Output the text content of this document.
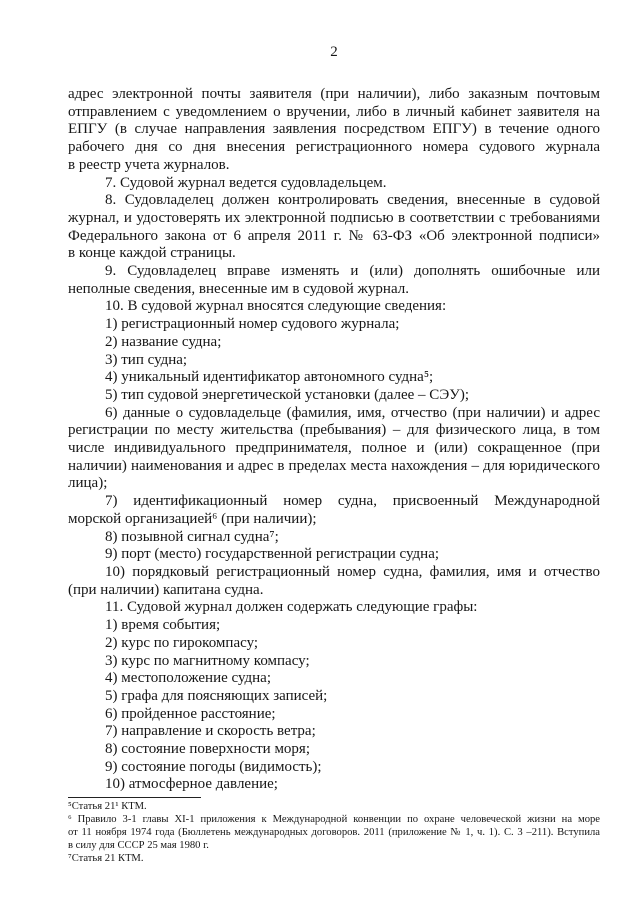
2
адрес электронной почты заявителя (при наличии), либо заказным почтовым
отправлением с уведомлением о вручении, либо в личный кабинет заявителя на
ЕПГУ (в случае направления заявления посредством ЕПГУ) в течение одного
рабочего дня со дня внесения регистрационного номера судового журнала
в реестр учета журналов.
7. Судовой журнал ведется судовладельцем.
8. Судовладелец должен контролировать сведения, внесенные в судовой
журнал, и удостоверять их электронной подписью в соответствии с требованиями
Федерального закона от 6 апреля 2011 г. № 63-ФЗ «Об электронной подписи»
в конце каждой страницы.
9. Судовладелец вправе изменять и (или) дополнять ошибочные или
неполные сведения, внесенные им в судовой журнал.
10. В судовой журнал вносятся следующие сведения:
1) регистрационный номер судового журнала;
2) название судна;
3) тип судна;
4) уникальный идентификатор автономного судна⁵;
5) тип судовой энергетической установки (далее – СЭУ);
6) данные о судовладельце (фамилия, имя, отчество (при наличии) и адрес
регистрации по месту жительства (пребывания) – для физического лица, в том
числе индивидуального предпринимателя, полное и (или) сокращенное (при
наличии) наименования и адрес в пределах места нахождения – для юридического
лица);
7) идентификационный номер судна, присвоенный Международной
морской организацией⁶ (при наличии);
8) позывной сигнал судна⁷;
9) порт (место) государственной регистрации судна;
10) порядковый регистрационный номер судна, фамилия, имя и отчество
(при наличии) капитана судна.
11. Судовой журнал должен содержать следующие графы:
1) время события;
2) курс по гирокомпасу;
3) курс по магнитному компасу;
4) местоположение судна;
5) графа для поясняющих записей;
6) пройденное расстояние;
7) направление и скорость ветра;
8) состояние поверхности моря;
9) состояние погоды (видимость);
10) атмосферное давление;
⁵Статья 21¹ КТМ.
⁶ Правило 3-1 главы XI-1 приложения к Международной конвенции по охране человеческой жизни на море
от 11 ноября 1974 года (Бюллетень международных договоров. 2011 (приложение № 1, ч. 1). С. 3 –211). Вступила
в силу для СССР 25 мая 1980 г.
⁷Статья 21 КТМ.
